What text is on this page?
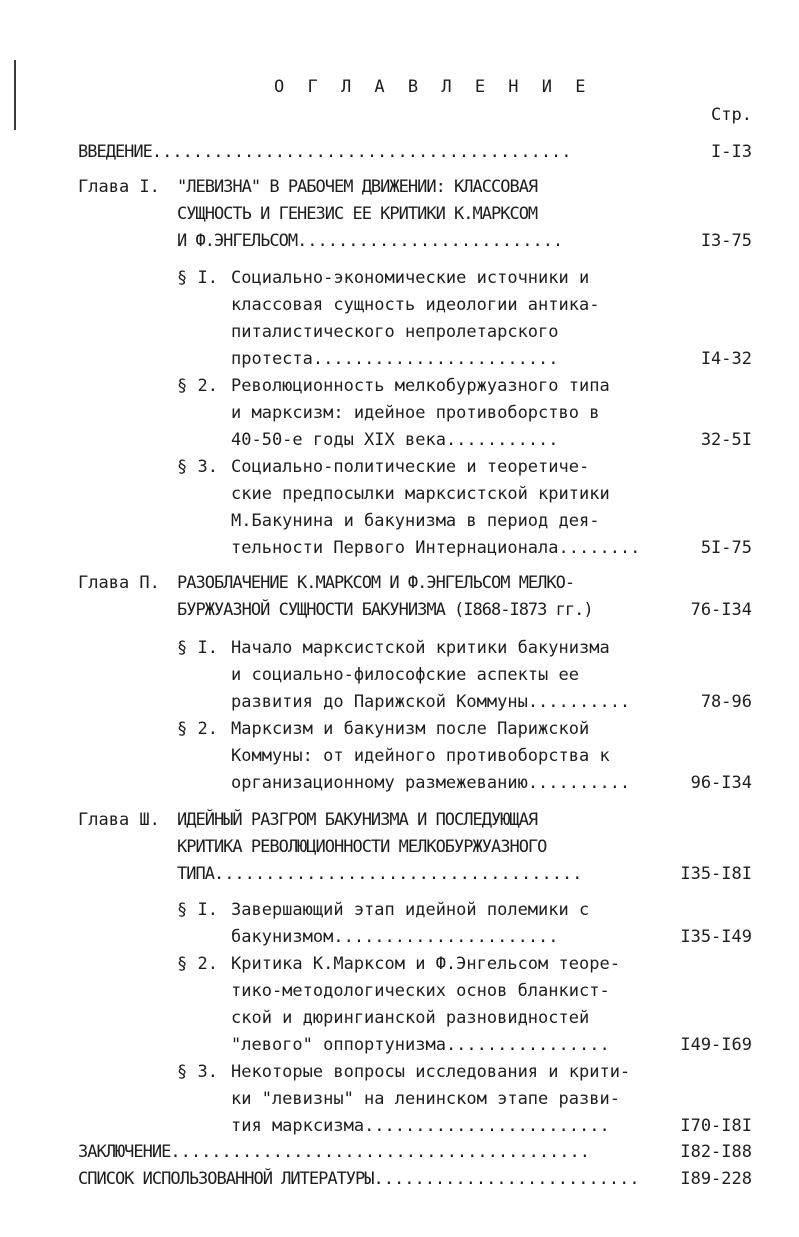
О Г Л А В Л Е Н И Е
Стр.
ВВЕДЕНИЕ.........................................	I-I3
Глава I. "ЛЕВИЗНА" В РАБОЧЕМ ДВИЖЕНИИ: КЛАССОВАЯ
СУЩНОСТЬ И ГЕНЕЗИС ЕЕ КРИТИКИ К.МАРКСОМ
И Ф.ЭНГЕЛЬСОМ..........................	I3-75
§ I. Социально-экономические источники и
классовая сущность идеологии антика-
питалистического непролетарского
протеста........................	I4-32
§ 2. Революционность мелкобуржуазного типа
и марксизм: идейное противоборство в
40-50-е годы XIX века...........	32-5I
§ 3. Социально-политические и теоретиче-
ские предпосылки марксистской критики
М.Бакунина и бакунизма в период дея-
тельности Первого Интернационала........	5I-75
Глава П. РАЗОБЛАЧЕНИЕ К.МАРКСОМ И Ф.ЭНГЕЛЬСОМ МЕЛКО-
БУРЖУАЗНОЙ СУЩНОСТИ БАКУНИЗМА (I868-I873 гг.)	76-I34
§ I. Начало марксистской критики бакунизма
и социально-философские аспекты ее
развития до Парижской Коммуны..........	78-96
§ 2. Марксизм и бакунизм после Парижской
Коммуны: от идейного противоборства к
организационному размежеванию..........	96-I34
Глава Ш. ИДЕЙНЫЙ РАЗГРОМ БАКУНИЗМА И ПОСЛЕДУЮЩАЯ
КРИТИКА РЕВОЛЮЦИОННОСТИ МЕЛКОБУРЖУАЗНОГО
ТИПА....................................	I35-I8I
§ I. Завершающий этап идейной полемики с
бакунизмом......................	I35-I49
§ 2. Критика К.Марксом и Ф.Энгельсом теоре-
тико-методологических основ бланкист-
ской и дюрингианской разновидностей
"левого" оппортунизма................	I49-I69
§ 3. Некоторые вопросы исследования и крити-
ки "левизны" на ленинском этапе разви-
тия марксизма........................	I70-I8I
ЗАКЛЮЧЕНИЕ.........................................	I82-I88
СПИСОК ИСПОЛЬЗОВАННОЙ ЛИТЕРАТУРЫ.......................... I89-228
